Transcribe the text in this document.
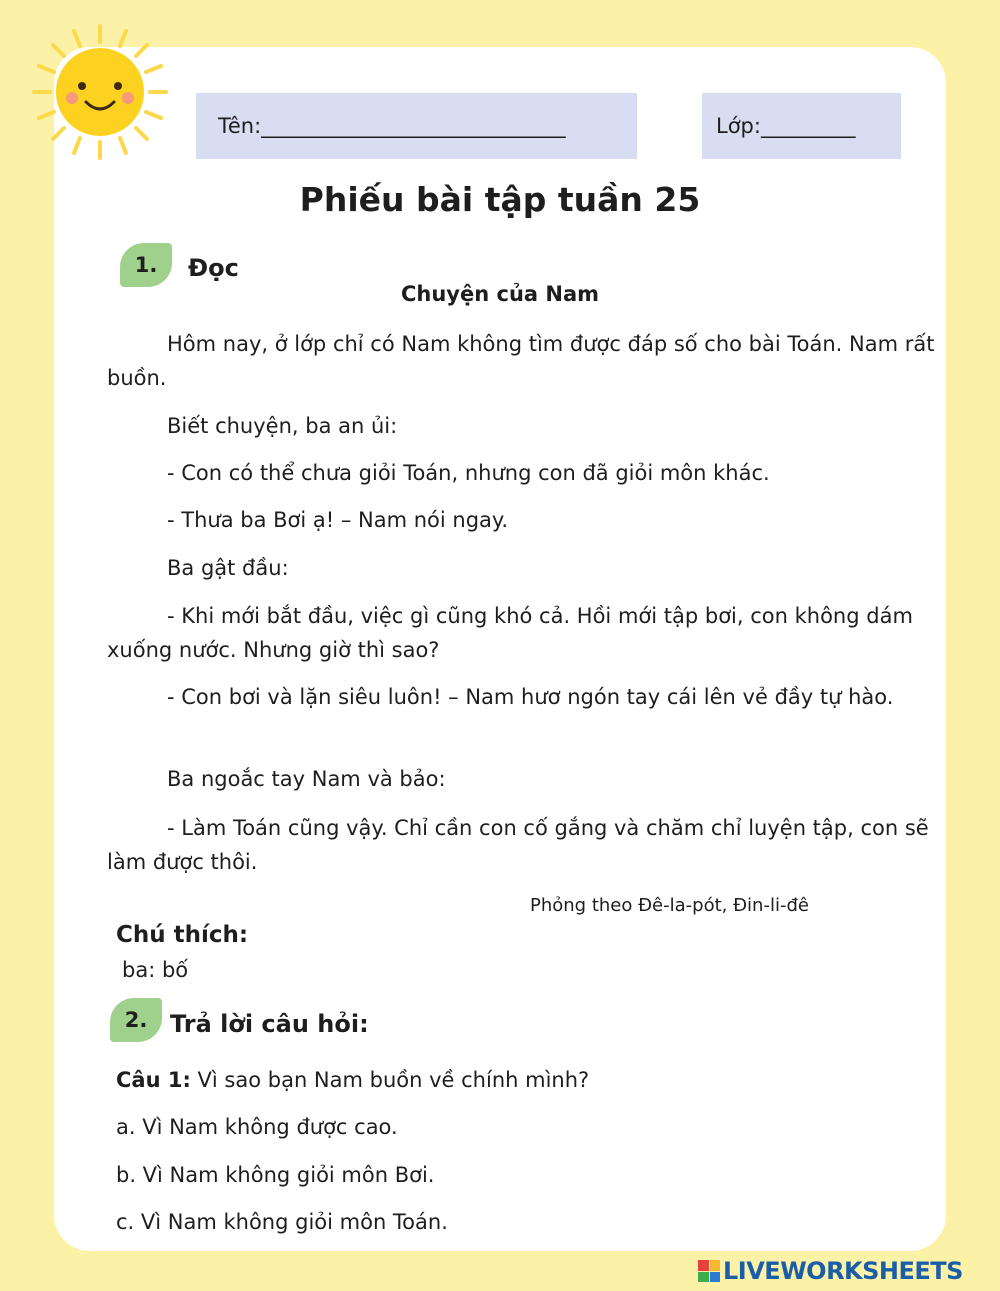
Tên:_____________________________	Lớp:_________
Phiếu bài tập tuần 25
1.	Đọc
Chuyện của Nam

Hôm nay, ở lớp chỉ có Nam không tìm được đáp số cho bài Toán. Nam rất buồn.

Biết chuyện, ba an ủi:

- Con có thể chưa giỏi Toán, nhưng con đã giỏi môn khác.

- Thưa ba Bơi ạ! – Nam nói ngay.

Ba gật đầu:

- Khi mới bắt đầu, việc gì cũng khó cả. Hồi mới tập bơi, con không dám xuống nước. Nhưng giờ thì sao?

- Con bơi và lặn siêu luôn! – Nam hươ ngón tay cái lên vẻ đầy tự hào.

Ba ngoắc tay Nam và bảo:

- Làm Toán cũng vậy. Chỉ cần con cố gắng và chăm chỉ luyện tập, con sẽ làm được thôi.

Phỏng theo Đê-la-pót, Đin-li-đê
Chú thích:
ba: bố
2. Trả lời câu hỏi:
Câu 1: Vì sao bạn Nam buồn về chính mình?
a. Vì Nam không được cao.
b. Vì Nam không giỏi môn Bơi.
c. Vì Nam không giỏi môn Toán.
LIVEWORKSHEETS
